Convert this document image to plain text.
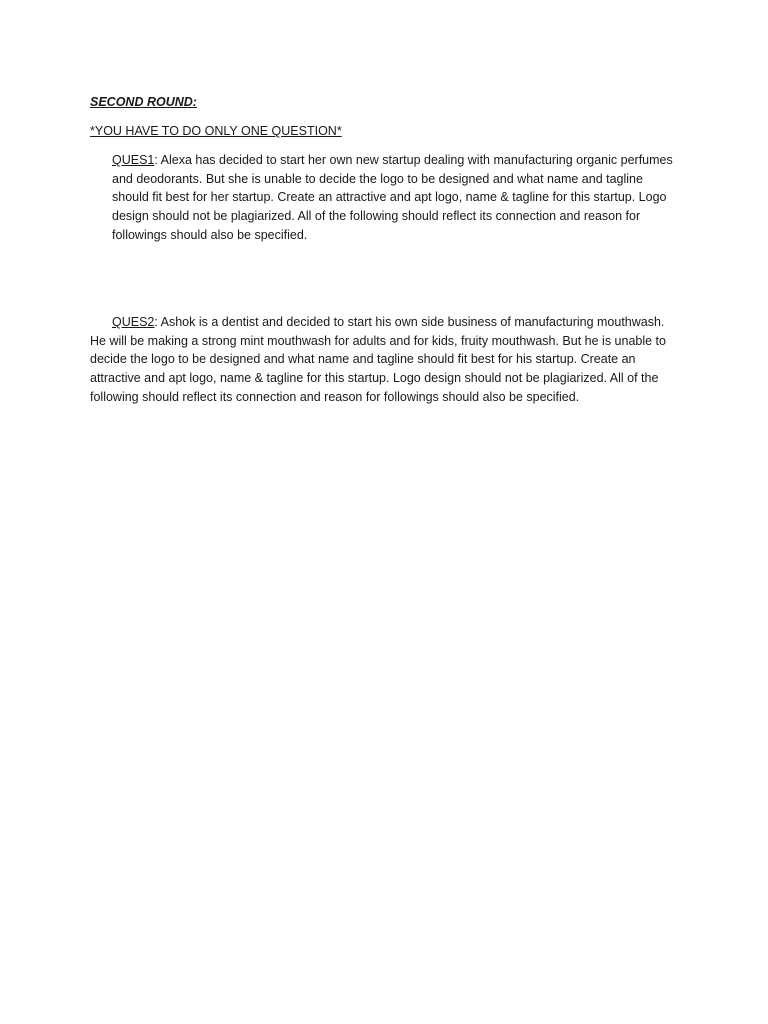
SECOND ROUND:
*YOU HAVE TO DO ONLY ONE QUESTION*
QUES1: Alexa has decided to start her own new startup dealing with manufacturing organic perfumes and deodorants. But she is unable to decide the logo to be designed and what name and tagline should fit best for her startup. Create an attractive and apt logo, name & tagline for this startup. Logo design should not be plagiarized. All of the following should reflect its connection and reason for followings should also be specified.
QUES2: Ashok is a dentist and decided to start his own side business of manufacturing mouthwash. He will be making a strong mint mouthwash for adults and for kids, fruity mouthwash. But he is unable to decide the logo to be designed and what name and tagline should fit best for his startup. Create an attractive and apt logo, name & tagline for this startup. Logo design should not be plagiarized. All of the following should reflect its connection and reason for followings should also be specified.
